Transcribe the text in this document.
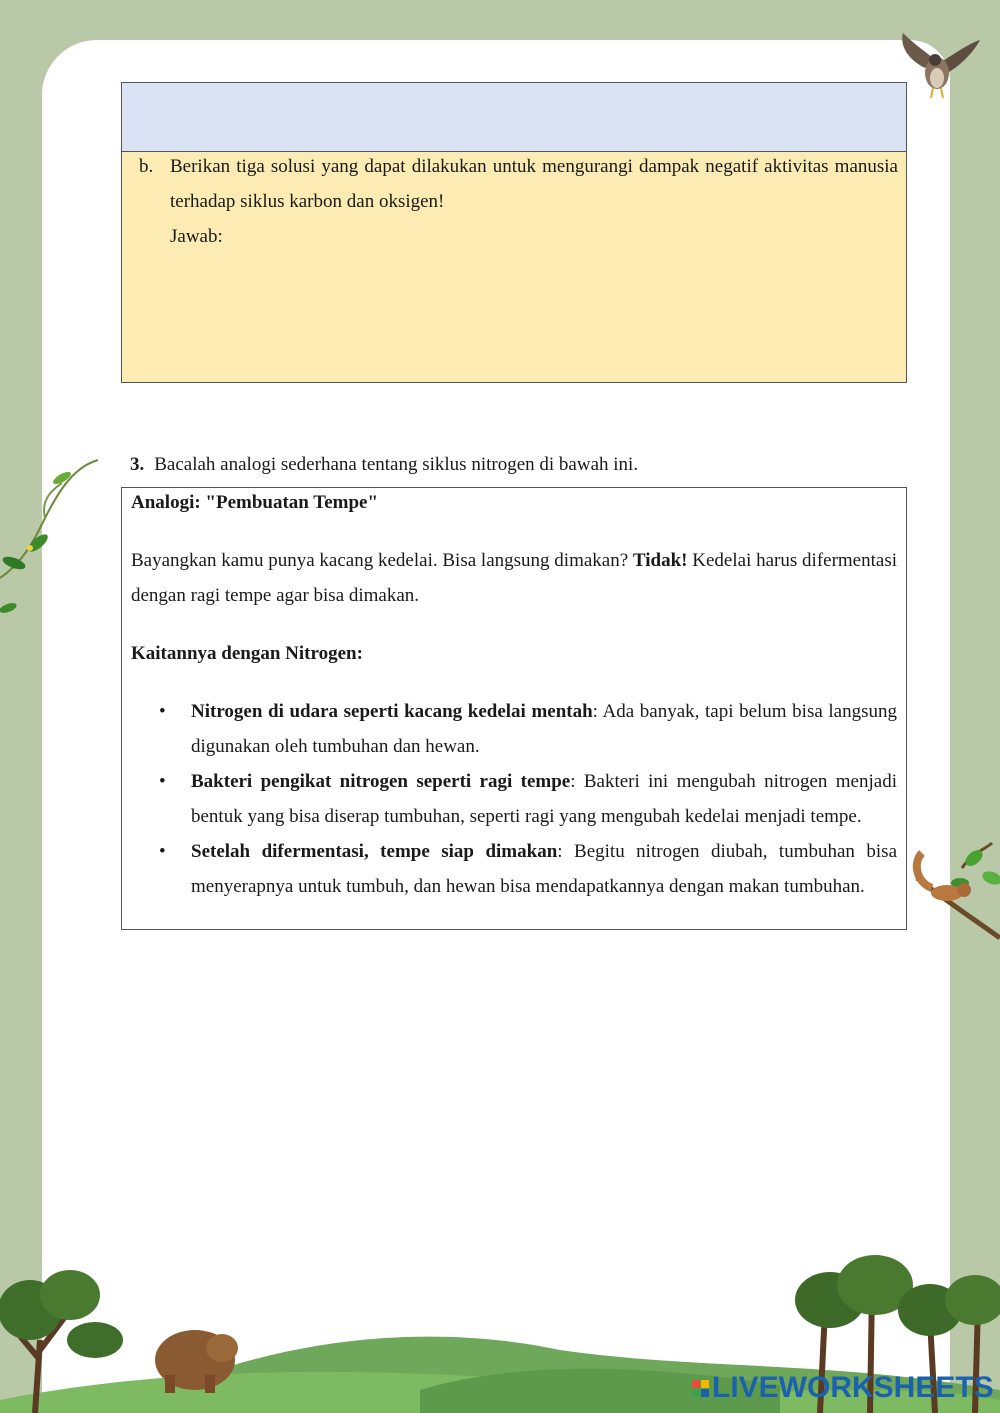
b. Berikan tiga solusi yang dapat dilakukan untuk mengurangi dampak negatif aktivitas manusia terhadap siklus karbon dan oksigen!

Jawab:
3. Bacalah analogi sederhana tentang siklus nitrogen di bawah ini.

Analogi: "Pembuatan Tempe"

Bayangkan kamu punya kacang kedelai. Bisa langsung dimakan? Tidak! Kedelai harus difermentasi dengan ragi tempe agar bisa dimakan.

Kaitannya dengan Nitrogen:

• Nitrogen di udara seperti kacang kedelai mentah: Ada banyak, tapi belum bisa langsung digunakan oleh tumbuhan dan hewan.
• Bakteri pengikat nitrogen seperti ragi tempe: Bakteri ini mengubah nitrogen menjadi bentuk yang bisa diserap tumbuhan, seperti ragi yang mengubah kedelai menjadi tempe.
• Setelah difermentasi, tempe siap dimakan: Begitu nitrogen diubah, tumbuhan bisa menyerapnya untuk tumbuh, dan hewan bisa mendapatkannya dengan makan tumbuhan.
LIVEWORKSHEETS
